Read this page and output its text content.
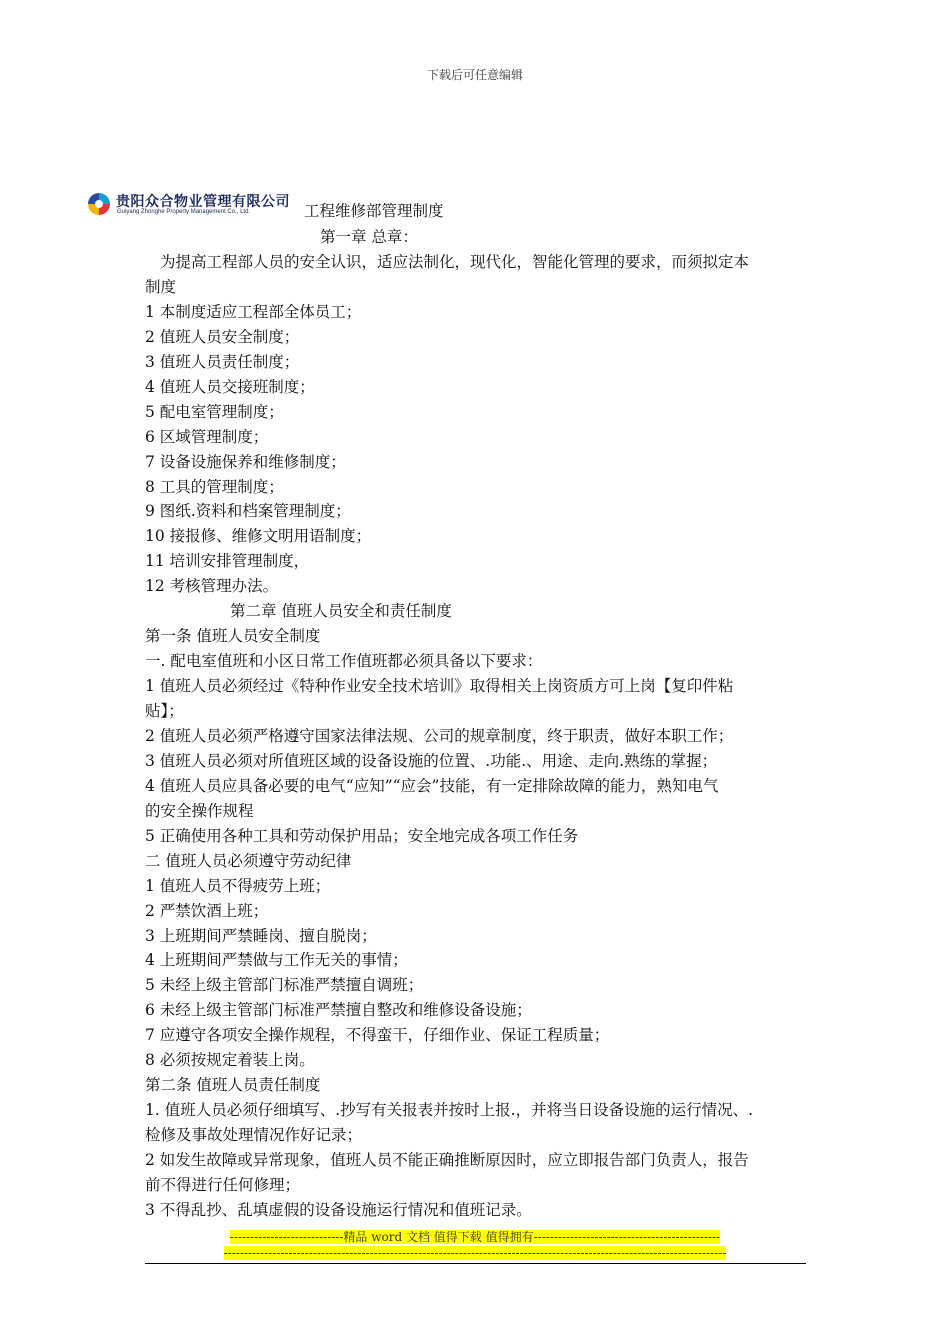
下载后可任意编辑
贵阳众合物业管理有限公司
Guiyang Zhonghe Property Management Co., Ltd.	工程维修部管理制度
第一章 总章：
为提高工程部人员的安全认识，适应法制化，现代化，智能化管理的要求，而须拟定本
制度
1 本制度适应工程部全体员工；
2 值班人员安全制度；
3 值班人员责任制度；
4 值班人员交接班制度；
5 配电室管理制度；
6 区域管理制度；
7 设备设施保养和维修制度；
8 工具的管理制度；
9 图纸.资料和档案管理制度；
10 接报修、维修文明用语制度；
11 培训安排管理制度，
12 考核管理办法。
第二章 值班人员安全和责任制度
第一条 值班人员安全制度
一. 配电室值班和小区日常工作值班都必须具备以下要求：
1 值班人员必须经过《特种作业安全技术培训》取得相关上岗资质方可上岗【复印件粘
贴】；
2 值班人员必须严格遵守国家法律法规、公司的规章制度，终于职责，做好本职工作；
3 值班人员必须对所值班区域的设备设施的位置、.功能.、用途、走向.熟练的掌握；
4 值班人员应具备必要的电气“应知”“应会”技能，有一定排除故障的能力，熟知电气
的安全操作规程
5 正确使用各种工具和劳动保护用品；安全地完成各项工作任务
二 值班人员必须遵守劳动纪律
1 值班人员不得疲劳上班；
2 严禁饮酒上班；
3 上班期间严禁睡岗、擅自脱岗；
4 上班期间严禁做与工作无关的事情；
5 未经上级主管部门标准严禁擅自调班；
6 未经上级主管部门标准严禁擅自整改和维修设备设施；
7 应遵守各项安全操作规程，不得蛮干，仔细作业、保证工程质量；
8 必须按规定着装上岗。
第二条 值班人员责任制度
1. 值班人员必须仔细填写、.抄写有关报表并按时上报.，并将当日设备设施的运行情况、.
检修及事故处理情况作好记录；
2 如发生故障或异常现象，值班人员不能正确推断原因时，应立即报告部门负责人，报告
前不得进行任何修理；
3 不得乱抄、乱填虚假的设备设施运行情况和值班记录。
----------------------------精品 word 文档 值得下载 值得拥有----------------------------------------------
----------------------------------------------------------------------------------------------------------------------------
